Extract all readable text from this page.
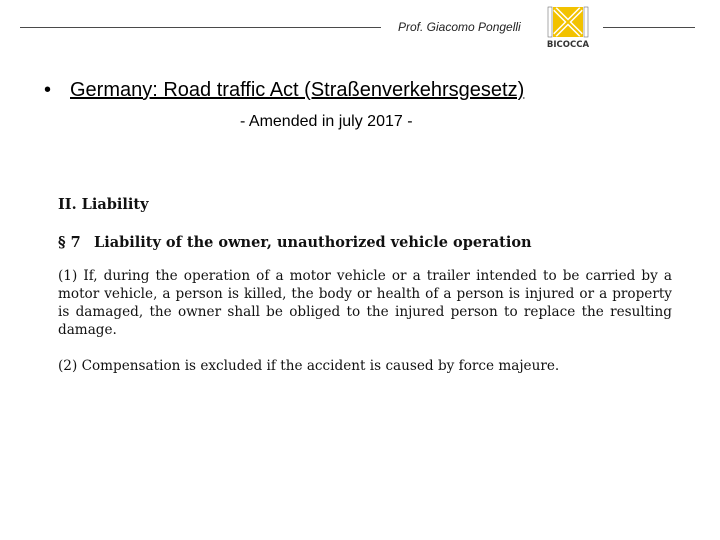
Prof. Giacomo Pongelli
BICOCCA
• Germany: Road traffic Act (Straßenverkehrsgesetz)
- Amended in july 2017 -
II. Liability
§ 7 Liability of the owner, unauthorized vehicle operation

(1) If, during the operation of a motor vehicle or a trailer intended to be carried by a motor vehicle, a person is killed, the body or health of a person is injured or a property is damaged, the owner shall be obliged to the injured person to replace the resulting damage.

(2) Compensation is excluded if the accident is caused by force majeure.
